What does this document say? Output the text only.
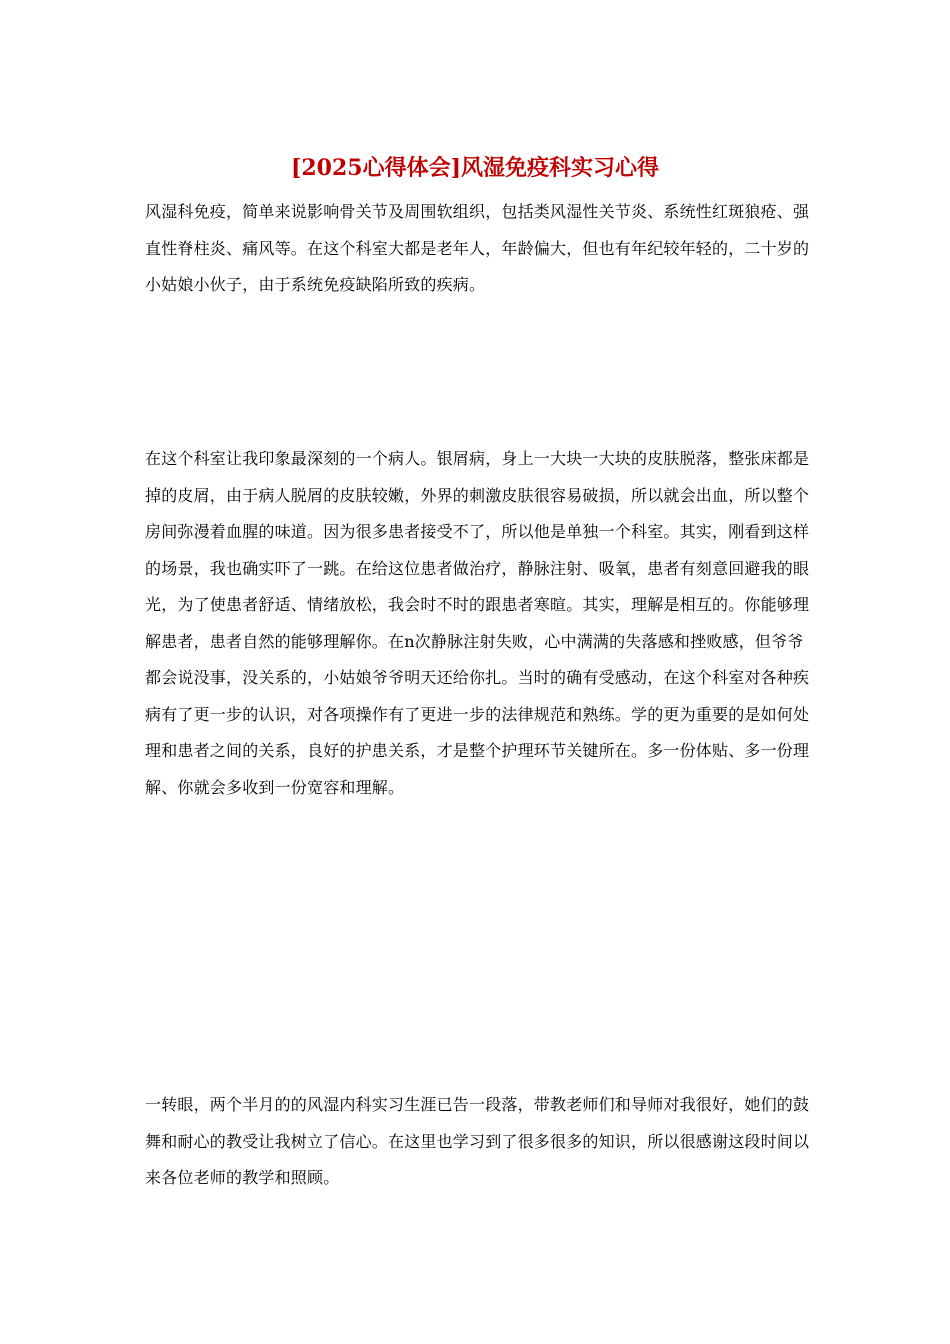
[2025心得体会]风湿免疫科实习心得

风湿科免疫，简单来说影响骨关节及周围软组织，包括类风湿性关节炎、系统性红斑狼疮、强直性脊柱炎、痛风等。在这个科室大都是老年人，年龄偏大，但也有年纪较年轻的，二十岁的小姑娘小伙子，由于系统免疫缺陷所致的疾病。

在这个科室让我印象最深刻的一个病人。银屑病，身上一大块一大块的皮肤脱落，整张床都是掉的皮屑，由于病人脱屑的皮肤较嫩，外界的刺激皮肤很容易破损，所以就会出血，所以整个房间弥漫着血腥的味道。因为很多患者接受不了，所以他是单独一个科室。其实，刚看到这样的场景，我也确实吓了一跳。在给这位患者做治疗，静脉注射、吸氧，患者有刻意回避我的眼光，为了使患者舒适、情绪放松，我会时不时的跟患者寒暄。其实，理解是相互的。你能够理解患者，患者自然的能够理解你。在n次静脉注射失败，心中满满的失落感和挫败感，但爷爷都会说没事，没关系的，小姑娘爷爷明天还给你扎。当时的确有受感动，在这个科室对各种疾病有了更一步的认识，对各项操作有了更进一步的法律规范和熟练。学的更为重要的是如何处理和患者之间的关系，良好的护患关系，才是整个护理环节关键所在。多一份体贴、多一份理解、你就会多收到一份宽容和理解。

一转眼，两个半月的的风湿内科实习生涯已告一段落，带教老师们和导师对我很好，她们的鼓舞和耐心的教受让我树立了信心。在这里也学习到了很多很多的知识，所以很感谢这段时间以来各位老师的教学和照顾。
